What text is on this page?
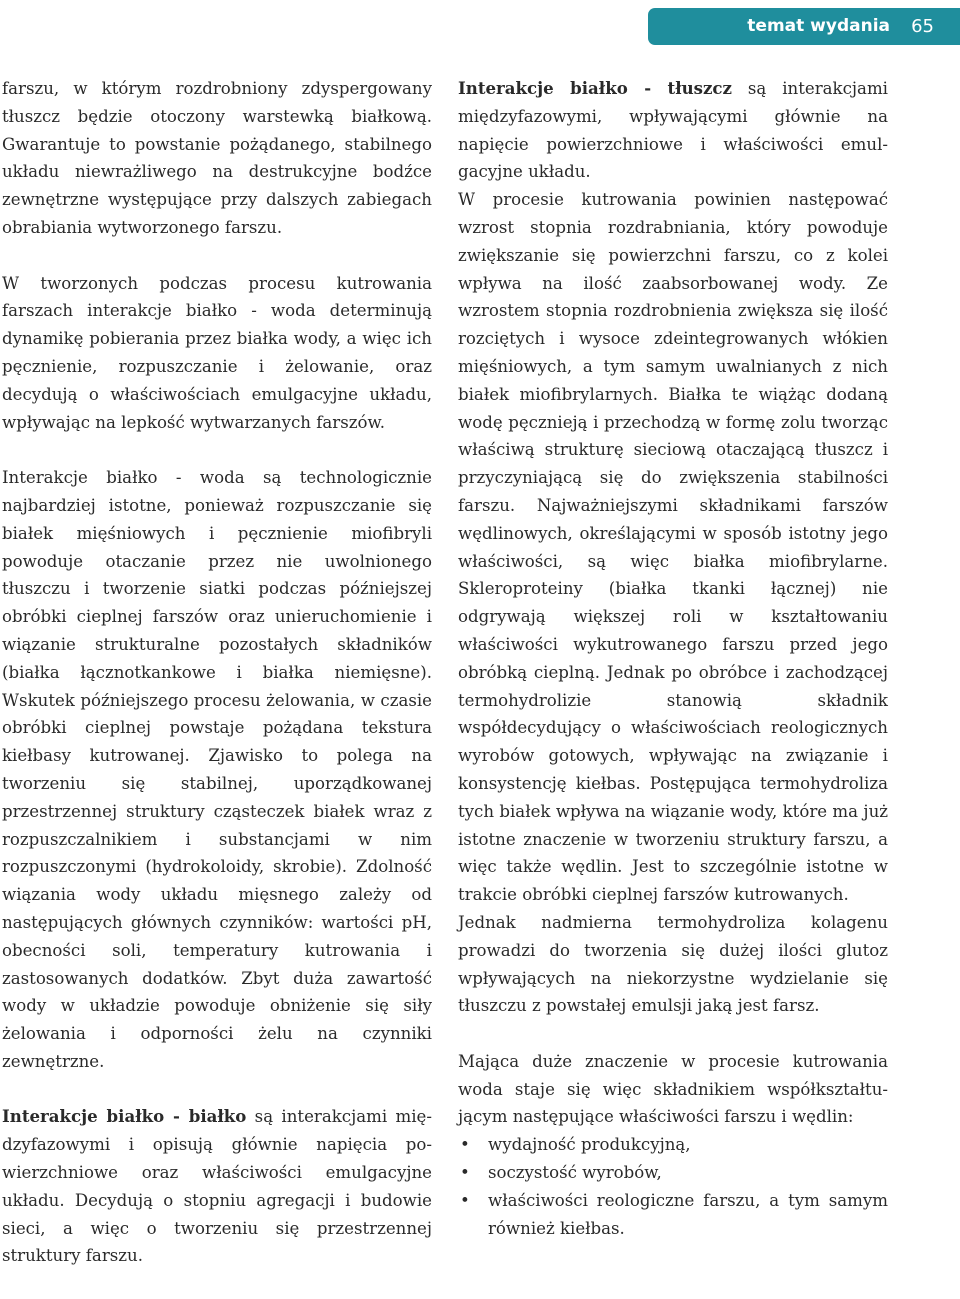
temat wydania 65

farszu, w którym rozdrobniony zdyspergowany tłuszcz będzie otoczony warstewką białkową. Gwarantuje to powstanie pożądanego, stabilnego układu niewrażliwego na destrukcyjne bodźce zewnętrzne występujące przy dalszych zabiegach obrabiania wytworzonego farszu.

W tworzonych podczas procesu kutrowania farszach interakcje białko - woda determinują dynamikę pobierania przez białka wody, a więc ich pęcznienie, rozpuszczanie i żelowanie, oraz decydują o właściwościach emulgacyjne układu, wpływając na lepkość wytwarzanych farszów.

Interakcje białko - woda są technologicznie najbardziej istotne, ponieważ rozpuszczanie się białek mięśniowych i pęcznienie miofibryli powoduje otaczanie przez nie uwolnionego tłuszczu i tworzenie siatki podczas późniejszej obróbki cieplnej farszów oraz unieruchomienie i wiązanie strukturalne pozostałych składników (białka łącznotkankowe i białka niemięsne). Wskutek późniejszego procesu żelowania, w czasie obróbki cieplnej powstaje pożądana tekstura kiełbasy kutrowanej. Zjawisko to polega na tworzeniu się stabilnej, uporządkowanej przestrzennej struktury cząsteczek białek wraz z rozpuszczalnikiem i substancjami w nim rozpuszczonymi (hydrokoloidy, skrobie). Zdolność wiązania wody układu mięsnego zależy od następujących głównych czynników: wartości pH, obecności soli, temperatury kutrowania i zastosowanych dodatków. Zbyt duża zawartość wody w układzie powoduje obniżenie się siły żelowania i odporności żelu na czynniki zewnętrzne.

Interakcje białko - białko są interakcjami międzyfazowymi i opisują głównie napięcia powierzchniowe oraz właściwości emulgacyjne układu. Decydują o stopniu agregacji i budowie sieci, a więc o tworzeniu się przestrzennej struktury farszu.

Interakcje białko - tłuszcz są interakcjami międzyfazowymi, wpływającymi głównie na napięcie powierzchniowe i właściwości emulgacyjne układu.

W procesie kutrowania powinien następować wzrost stopnia rozdrabniania, który powoduje zwiększanie się powierzchni farszu, co z kolei wpływa na ilość zaabsorbowanej wody. Ze wzrostem stopnia rozdrobnienia zwiększa się ilość rozciętych i wysoce zdeintegrowanych włókien mięśniowych, a tym samym uwalnianych z nich białek miofibrylarnych. Białka te wiążąc dodaną wodę pęcznieją i przechodzą w formę zolu tworząc właściwą strukturę sieciową otaczającą tłuszcz i przyczyniającą się do zwiększenia stabilności farszu. Najważniejszymi składnikami farszów wędlinowych, określającymi w sposób istotny jego właściwości, są więc białka miofibrylarne. Skleroproteiny (białka tkanki łącznej) nie odgrywają większej roli w kształtowaniu właściwości wykutrowanego farszu przed jego obróbką cieplną. Jednak po obróbce i zachodzącej termohydrolizie stanowią składnik współdecydujący o właściwościach reologicznych wyrobów gotowych, wpływając na związanie i konsystencję kiełbas. Postępująca termohydroliza tych białek wpływa na wiązanie wody, które ma już istotne znaczenie w tworzeniu struktury farszu, a więc także wędlin. Jest to szczególnie istotne w trakcie obróbki cieplnej farszów kutrowanych.

Jednak nadmierna termohydroliza kolagenu prowadzi do tworzenia się dużej ilości glutoz wpływających na niekorzystne wydzielanie się tłuszczu z powstałej emulsji jaką jest farsz.

Mająca duże znaczenie w procesie kutrowania woda staje się więc składnikiem współkształtującym następujące właściwości farszu i wędlin:

• wydajność produkcyjną,
• soczystość wyrobów,
• właściwości reologiczne farszu, a tym samym również kiełbas.
